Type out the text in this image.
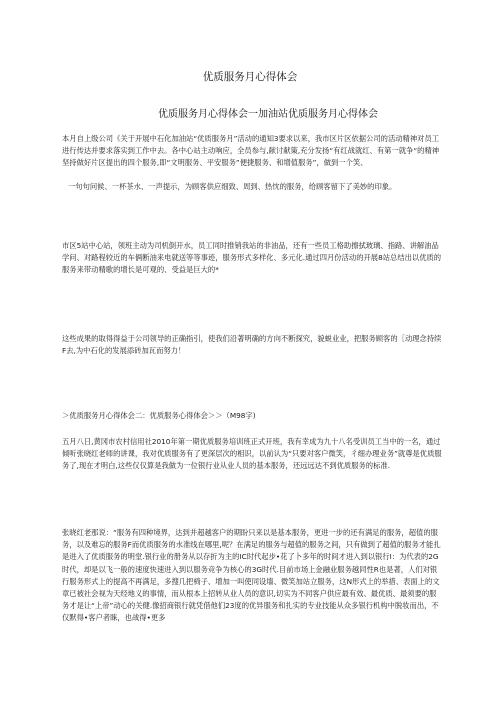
优质服务月心得体会
优质服务月心得体会一加油站优质服务月心得体会

本月自上级公司《关于开展中石化加油站“优质服务月”活动的通知3要求以来，我市区片区依据公司的活动精神对员工进行传达并要求落实到工作中去。各中心站主动响应，全员参与,献讨献策,充分发扬“有红战就红、有第一就争“的精神坚持做好片区提出的四个服务,即“文明服务、平安服务”便捷服务、和增值服务”，做到一个笑、

一句句问候、一杯茶水、一声提示，为顾客供应细致、周到、热忱的服务，给顾客留下了美妙的印象。

市区5站中心站，领班主动为司机倒开水，员工同时推销我站的非油品，还有一些员工格助擦拭玻璃、指路、讲解油品学问、对路程较近的车俩断油来电就送等等事迹，服务形式多样化、多元化.通过四月份活动的开展8站总结出以优质的服务来带动精歌的增长是可观的、受益是巨大的*

这些成果的取得得益于公司领导的正确指引，使我们沿著明确的方向不断探究，貌蜕业业，把服务顾客的［动理念持续F去,为中石化的发展添砖加瓦而努力！

＞优质服务月心得体会二：优质服务心得体会＞＞（M98字)

五月八日,黄冈市农村信用社2010年第一期优质服务培训班正式开班，我有幸成为九十八名受训员工当中的一名，通过倾听张晓红老师的讲课，我对优质服务有了更深层次的相识，以前认为“只要对客户微笑，彳细办理业务”就尊是优质服务了,现在才明白,这些仅仅算是我做为一位银行业从业人员的基本服务，还远远达不到优质服务的标准.

张晓红老那说：“服务有四种境界，达到并超越客户的期盼只来以是基本服务，更进一步的还有满足的服务，超值的服务，以及难忘的服务F而优质服务的水准线在哪里,呢？在满足的服务与超值的服务之间，只有做到了超值的服务才能扎是进入了优质服务的明堂.银行业的册务从以存折为主的IC时代起步•花了卜多年的时间才进入到以银行I：为代表的2G时代，却是以飞一般的速度快速进入到以服务竞争为核心的3G时代.目前市场上金融业服务越同性R也是著，人们对银行服务形式上的提高不再满足，多搜几把椅子、增加一叫使同设墙、微笑加站立服务，这N形式上的举措、表面上的文章已被社会视为天经地义的事情，而从根本上招转从业人员的意识,切实为不同客户供应最有效、最优质、最须要的服务才是让“上帝”动心的关健.像招商银行就凭借他们23度的优异服务和扎实的专业技能从众多银行机构中脱妆而出，不仅默得•客户者睐，也战得•更多
